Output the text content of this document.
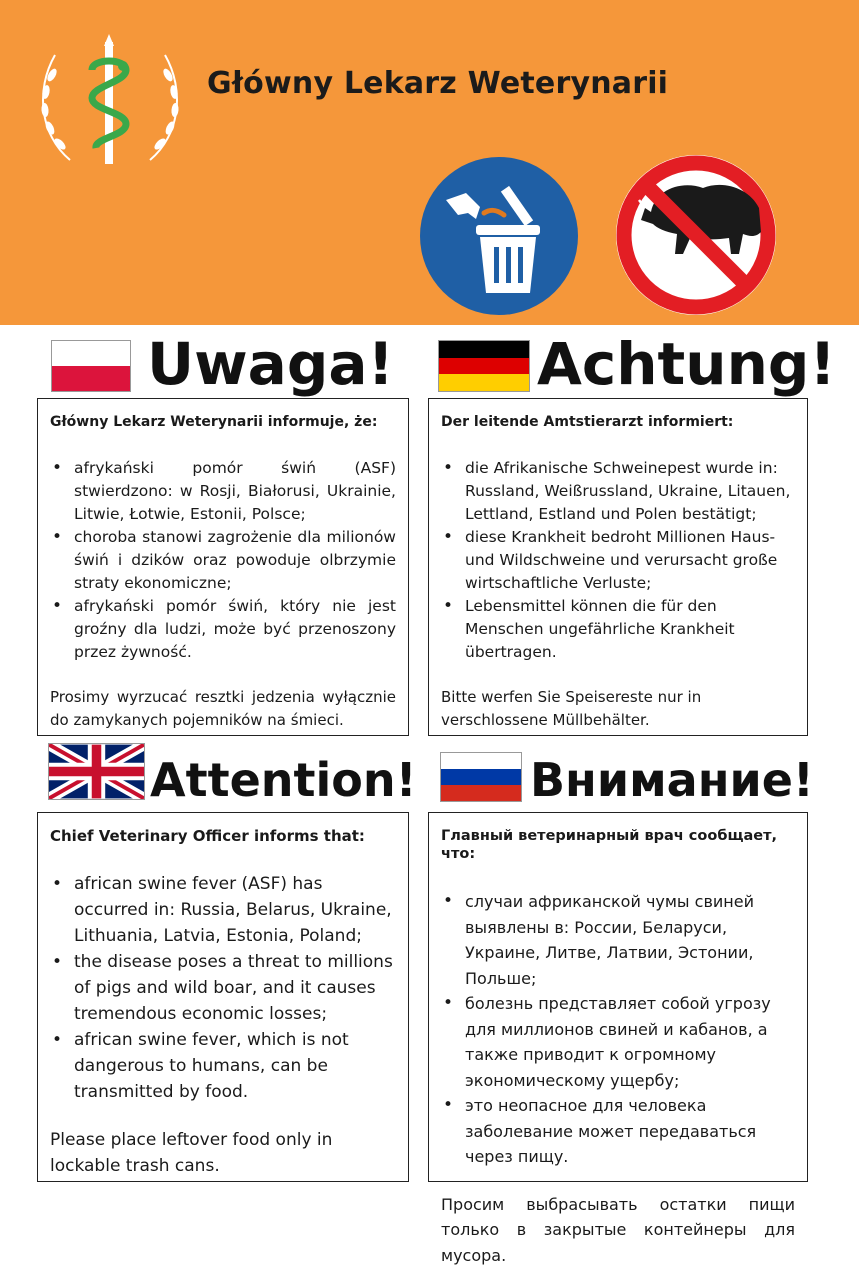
Główny Lekarz Weterynarii
Uwaga!
Główny Lekarz Weterynarii informuje, że:
• afrykański pomór świń (ASF) stwierdzono: w Rosji, Białorusi, Ukrainie, Litwie, Łotwie, Estonii, Polsce;
• choroba stanowi zagrożenie dla milionów świń i dzików oraz powoduje olbrzymie straty ekonomiczne;
• afrykański pomór świń, który nie jest groźny dla ludzi, może być przenoszony przez żywność.
Prosimy wyrzucać resztki jedzenia wyłącznie do zamykanych pojemników na śmieci.
Achtung!
Der leitende Amtstierarzt informiert:
• die Afrikanische Schweinepest wurde in: Russland, Weißrussland, Ukraine, Litauen, Lettland, Estland und Polen bestätigt;
• diese Krankheit bedroht Millionen Haus- und Wildschweine und verursacht große wirtschaftliche Verluste;
• Lebensmittel können die für den Menschen ungefährliche Krankheit übertragen.
Bitte werfen Sie Speisereste nur in verschlossene Müllbehälter.
Attention!
Chief Veterinary Officer informs that:
• african swine fever (ASF) has occurred in: Russia, Belarus, Ukraine, Lithuania, Latvia, Estonia, Poland;
• the disease poses a threat to millions of pigs and wild boar, and it causes tremendous economic losses;
• african swine fever, which is not dangerous to humans, can be transmitted by food.
Please place leftover food only in lockable trash cans.
Внимание!
Главный ветеринарный врач сообщает, что:
• случаи африканской чумы свиней выявлены в: России, Беларуси, Украине, Литве, Латвии, Эстонии, Польше;
• болезнь представляет собой угрозу для миллионов свиней и кабанов, а также приводит к огромному экономическому ущербу;
• это неопасное для человека заболевание может передаваться через пищу.
Просим выбрасывать остатки пищи только в закрытые контейнеры для мусора.
